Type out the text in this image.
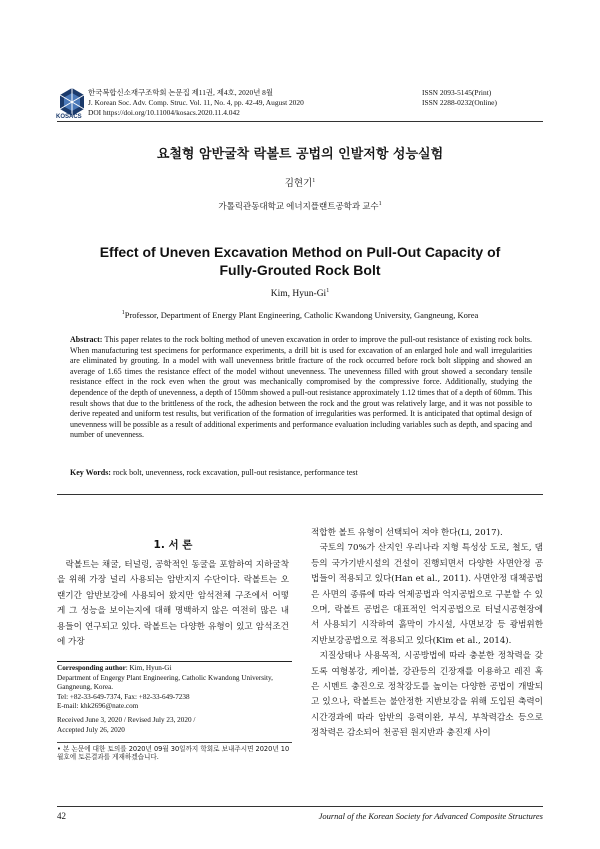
KOSACS
한국복합신소재구조학회 논문집 제11권, 제4호, 2020년 8월
J. Korean Soc. Adv. Comp. Struc. Vol. 11, No. 4, pp. 42-49, August 2020
DOI https://doi.org/10.11004/kosacs.2020.11.4.042
ISSN 2093-5145(Print)
ISSN 2288-0232(Online)
요철형 암반굴착 락볼트 공법의 인발저항 성능실험
김현기$^1$
가톨릭관동대학교 에너지플랜트공학과 교수$^1$
Effect of Uneven Excavation Method on Pull-Out Capacity of
Fully-Grouted Rock Bolt
Kim, Hyun-Gi$^1$
$^1$Professor, Department of Energy Plant Engineering, Catholic Kwandong University, Gangneung, Korea
Abstract: This paper relates to the rock bolting method of uneven excavation in order to improve the pull-out resistance of existing rock bolts. When manufacturing test specimens for performance experiments, a drill bit is used for excavation of an enlarged hole and wall irregularities are eliminated by grouting. In a model with wall unevenness brittle fracture of the rock occurred before rock bolt slipping and showed an average of 1.65 times the resistance effect of the model without unevenness. The unevenness filled with grout showed a secondary tensile resistance effect in the rock even when the grout was mechanically compromised by the compressive force. Additionally, studying the dependence of the depth of unevenness, a depth of 150mm showed a pull-out resistance approximately 1.12 times that of a depth of 60mm. This result shows that due to the brittleness of the rock, the adhesion between the rock and the grout was relatively large, and it was not possible to derive repeated and uniform test results, but verification of the formation of irregularities was performed. It is anticipated that optimal design of unevenness will be possible as a result of additional experiments and performance evaluation including variables such as depth, and spacing and number of unevenness.
Key Words: rock bolt, unevenness, rock excavation, pull-out resistance, performance test
1. 서 론

락볼트는 채굴, 터널링, 공학적인 동굴을 포함하여 지하굴착을 위해 가장 널리 사용되는 암반지지 수단이다. 락볼트는 오랜기간 암반보강에 사용되어 왔지만 암석전체 구조에서 어떻게 그 성능을 보이는지에 대해 명백하지 않은 여전히 많은 내용들이 연구되고 있다. 락볼트는 다양한 유형이 있고 암석조건에 가장

Corresponding author: Kim, Hyun-Gi
Department of Engergy Plant Engineering, Catholic Kwandong University, Gangneung, Korea.
Tel: +82-33-649-7374, Fax: +82-33-649-7238
E-mail: khk2696@nate.com
Received June 3, 2020 / Revised July 23, 2020 /
Accepted July 26, 2020
• 본 논문에 대한 토의를 2020년 09월 30일까지 학회로 보내주시면 2020년 10월호에 토론결과를 게재하겠습니다.

적합한 볼트 유형이 선택되어 져야 한다(Li, 2017).

국토의 70%가 산지인 우리나라 지형 특성상 도로, 철도, 댐 등의 국가기반시설의 건설이 진행되면서 다양한 사면안정 공법들이 적용되고 있다(Han et al., 2011). 사면안정 대책공법은 사면의 종류에 따라 억제공법과 억지공법으로 구분할 수 있으며, 락볼트 공법은 대표적인 억지공법으로 터널시공현장에서 사용되기 시작하여 흙막이 가시설, 사면보강 등 광범위한 지반보강공법으로 적용되고 있다(Kim et al., 2014).

지질상태나 사용목적, 시공방법에 따라 충분한 정착력을 갖도록 여형봉강, 케이블, 강관등의 긴장재를 이용하고 레진 혹은 시멘트 충진으로 정착강도를 높이는 다양한 공법이 개발되고 있으나, 락볼트는 불안정한 지반보강을 위해 도입된 축력이 시간경과에 따라 암반의 응력이완, 부식, 부착력감소 등으로 정착력은 감소되어 천공된 원지반과 충진재 사이

42	Journal of the Korean Society for Advanced Composite Structures
